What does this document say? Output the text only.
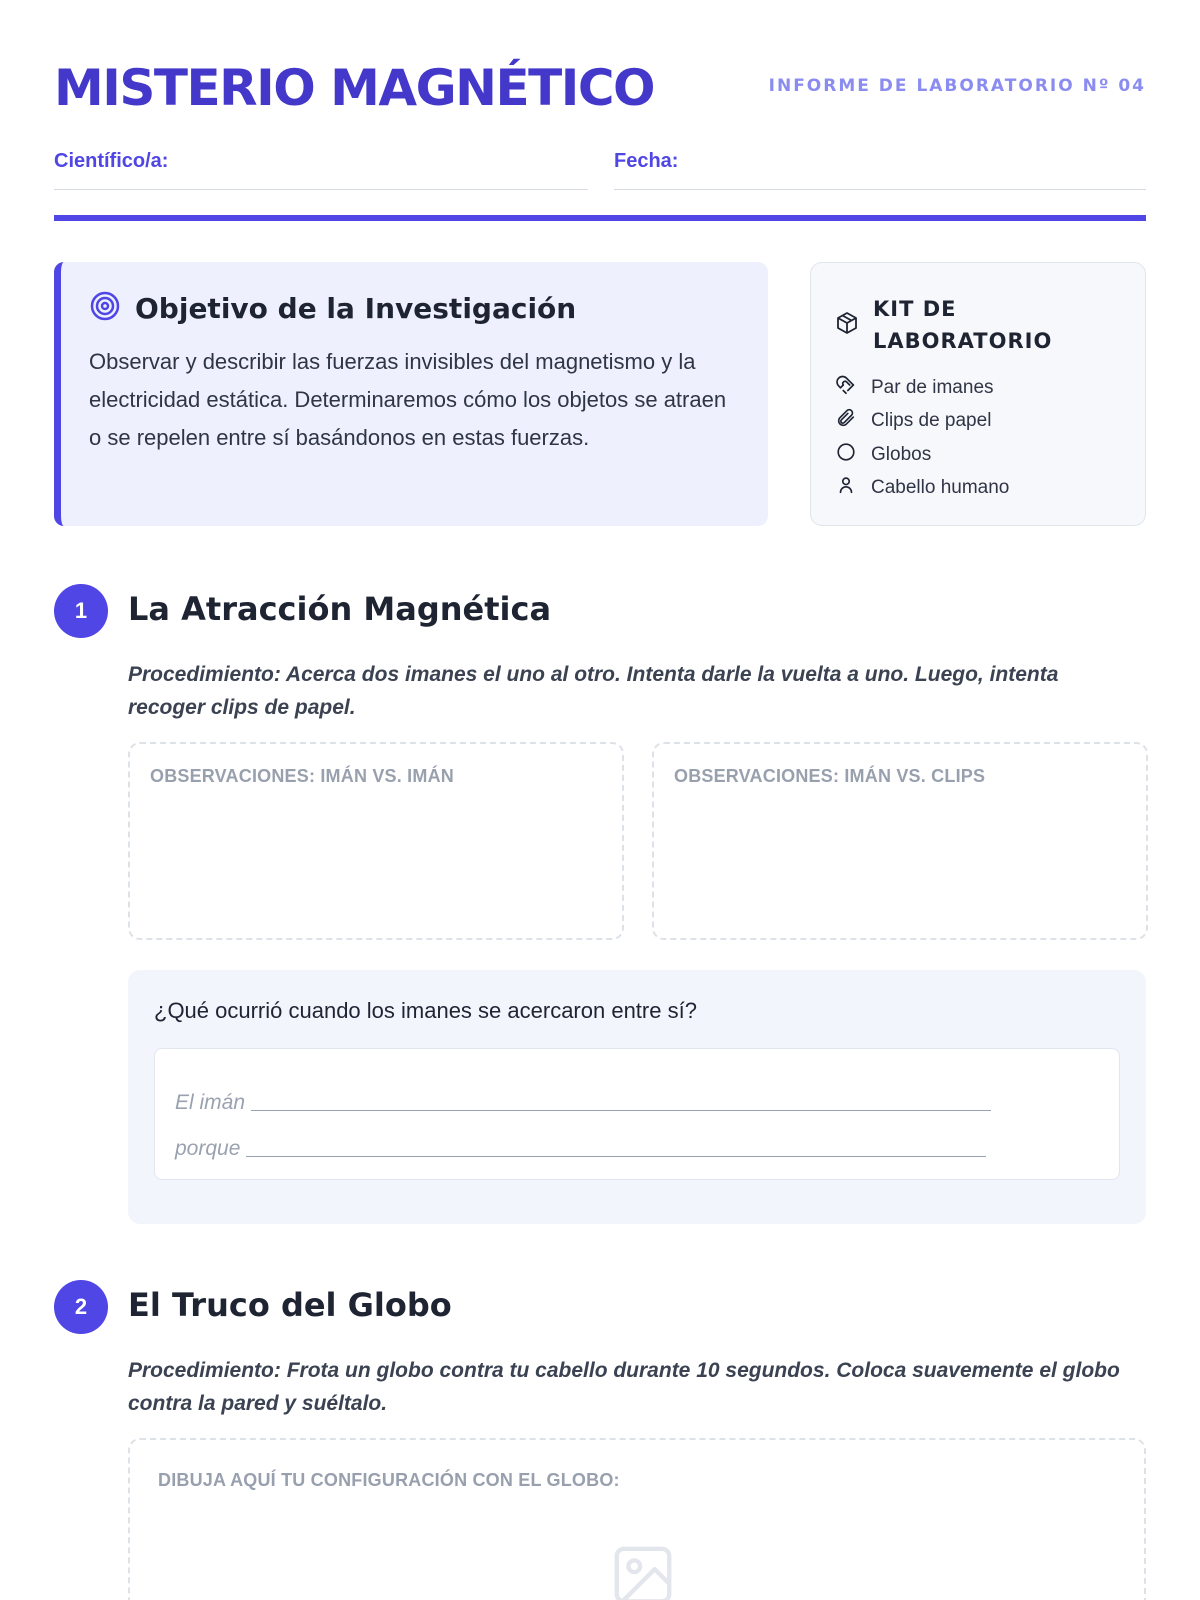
MISTERIO MAGNÉTICO	INFORME DE LABORATORIO Nº 04
Científico/a:	Fecha:
Objetivo de la Investigación

Observar y describir las fuerzas invisibles del magnetismo y la electricidad estática. Determinaremos cómo los objetos se atraen o se repelen entre sí basándonos en estas fuerzas.

KIT DE
LABORATORIO
Par de imanes
Clips de papel
Globos
Cabello humano
1	La Atracción Magnética

Procedimiento: Acerca dos imanes el uno al otro. Intenta darle la vuelta a uno. Luego, intenta recoger clips de papel.

OBSERVACIONES: IMÁN VS. IMÁN	OBSERVACIONES: IMÁN VS. CLIPS
¿Qué ocurrió cuando los imanes se acercaron entre sí?
El imán
porque
2	El Truco del Globo

Procedimiento: Frota un globo contra tu cabello durante 10 segundos. Coloca suavemente el globo contra la pared y suéltalo.

DIBUJA AQUÍ TU CONFIGURACIÓN CON EL GLOBO:
